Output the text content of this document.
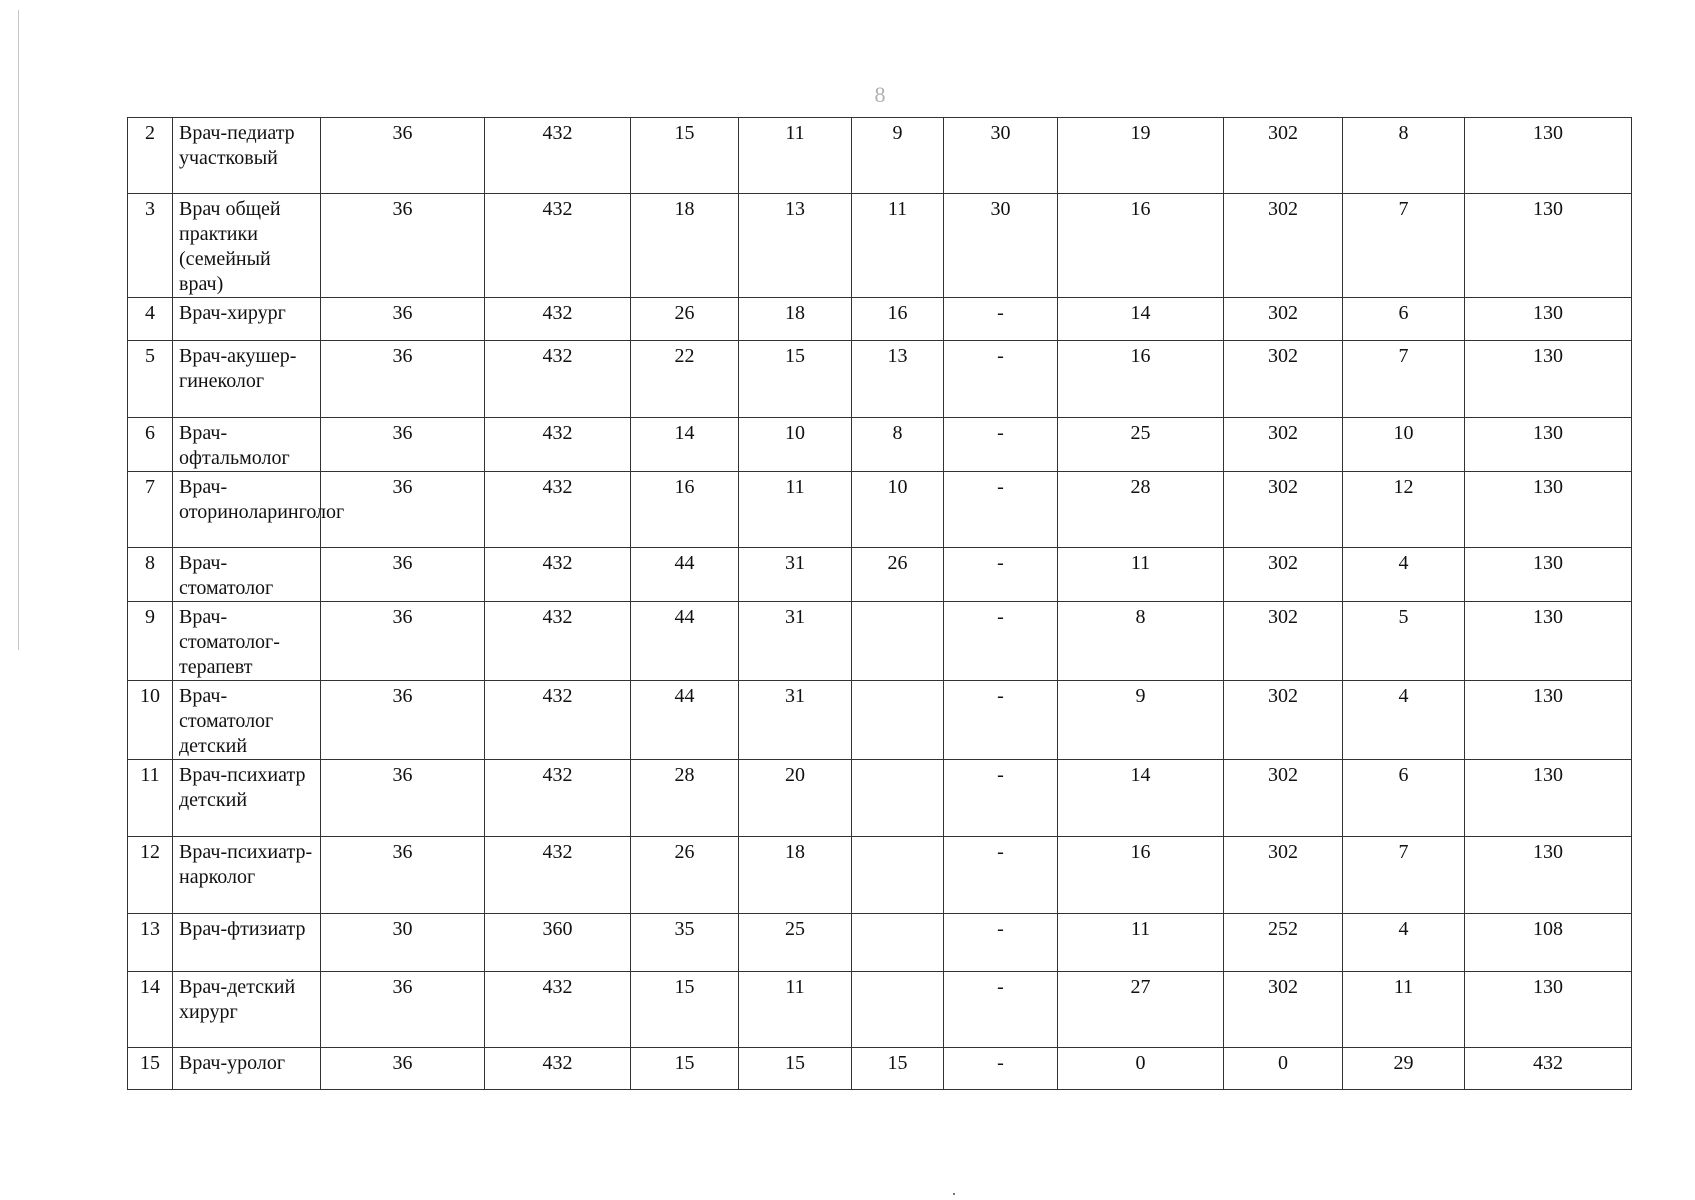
8
2	Врач-педиатр участковый	36	432	15	11	9	30	19	302	8	130
3	Врач общей практики (семейный врач)	36	432	18	13	11	30	16	302	7	130
4	Врач-хирург	36	432	26	18	16	-	14	302	6	130
5	Врач-акушер-гинеколог	36	432	22	15	13	-	16	302	7	130
6	Врач-офтальмолог	36	432	14	10	8	-	25	302	10	130
7	Врач-оториноларинголог	36	432	16	11	10	-	28	302	12	130
8	Врач-стоматолог	36	432	44	31	26	-	11	302	4	130
9	Врач-стоматолог-терапевт	36	432	44	31		-	8	302	5	130
10	Врач-стоматолог детский	36	432	44	31		-	9	302	4	130
11	Врач-психиатр детский	36	432	28	20		-	14	302	6	130
12	Врач-психиатр-нарколог	36	432	26	18		-	16	302	7	130
13	Врач-фтизиатр	30	360	35	25		-	11	252	4	108
14	Врач-детский хирург	36	432	15	11		-	27	302	11	130
15	Врач-уролог	36	432	15	15	15	-	0	0	29	432
